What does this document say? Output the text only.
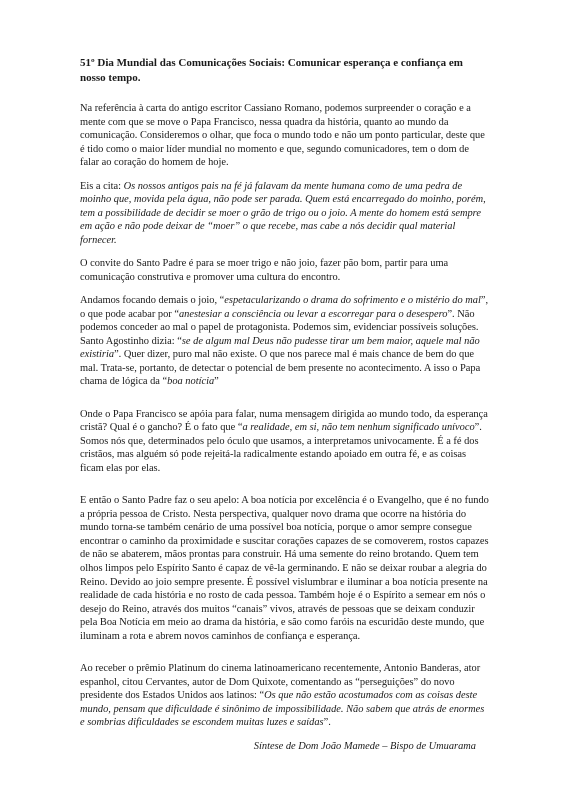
51º Dia Mundial das Comunicações Sociais: Comunicar esperança e confiança em nosso tempo.

Na referência à carta do antigo escritor Cassiano Romano, podemos surpreender o coração e a mente com que se move o Papa Francisco, nessa quadra da história, quanto ao mundo da comunicação. Consideremos o olhar, que foca o mundo todo e não um ponto particular, deste que é tido como o maior líder mundial no momento e que, segundo comunicadores, tem o dom de falar ao coração do homem de hoje.

Eis a cita: Os nossos antigos pais na fé já falavam da mente humana como de uma pedra de moinho que, movida pela água, não pode ser parada. Quem está encarregado do moinho, porém, tem a possibilidade de decidir se moer o grão de trigo ou o joio. A mente do homem está sempre em ação e não pode deixar de “moer” o que recebe, mas cabe a nós decidir qual material fornecer.

O convite do Santo Padre é para se moer trigo e não joio, fazer pão bom, partir para uma comunicação construtiva e promover uma cultura do encontro.

Andamos focando demais o joio, “espetacularizando o drama do sofrimento e o mistério do mal”, o que pode acabar por “anestesiar a consciência ou levar a escorregar para o desespero”. Não podemos conceder ao mal o papel de protagonista. Podemos sim, evidenciar possíveis soluções. Santo Agostinho dizia: “se de algum mal Deus não pudesse tirar um bem maior, aquele mal não existiria”. Quer dizer, puro mal não existe. O que nos parece mal é mais chance de bem do que mal. Trata-se, portanto, de detectar o potencial de bem presente no acontecimento. A isso o Papa chama de lógica da “boa notícia”

Onde o Papa Francisco se apóia para falar, numa mensagem dirigida ao mundo todo, da esperança cristã? Qual é o gancho? É o fato que “a realidade, em si, não tem nenhum significado unívoco”. Somos nós que, determinados pelo óculo que usamos, a interpretamos univocamente. É a fé dos cristãos, mas alguém só pode rejeitá-la radicalmente estando apoiado em outra fé, e as coisas ficam elas por elas.

E então o Santo Padre faz o seu apelo: A boa notícia por excelência é o Evangelho, que é no fundo a própria pessoa de Cristo. Nesta perspectiva, qualquer novo drama que ocorre na história do mundo torna-se também cenário de uma possível boa notícia, porque o amor sempre consegue encontrar o caminho da proximidade e suscitar corações capazes de se comoverem, rostos capazes de não se abaterem, mãos prontas para construir. Há uma semente do reino brotando. Quem tem olhos limpos pelo Espírito Santo é capaz de vê-la germinando. E não se deixar roubar a alegria do Reino. Devido ao joio sempre presente. É possível vislumbrar e iluminar a boa notícia presente na realidade de cada história e no rosto de cada pessoa. Também hoje é o Espírito a semear em nós o desejo do Reino, através dos muitos “canais” vivos, através de pessoas que se deixam conduzir pela Boa Notícia em meio ao drama da história, e são como faróis na escuridão deste mundo, que iluminam a rota e abrem novos caminhos de confiança e esperança.

Ao receber o prêmio Platinum do cinema latinoamericano recentemente, Antonio Banderas, ator espanhol, citou Cervantes, autor de Dom Quixote, comentando as “perseguições” do novo presidente dos Estados Unidos aos latinos: “Os que não estão acostumados com as coisas deste mundo, pensam que dificuldade é sinônimo de impossibilidade. Não sabem que atrás de enormes e sombrias dificuldades se escondem muitas luzes e saídas”.

Síntese de Dom João Mamede – Bispo de Umuarama
